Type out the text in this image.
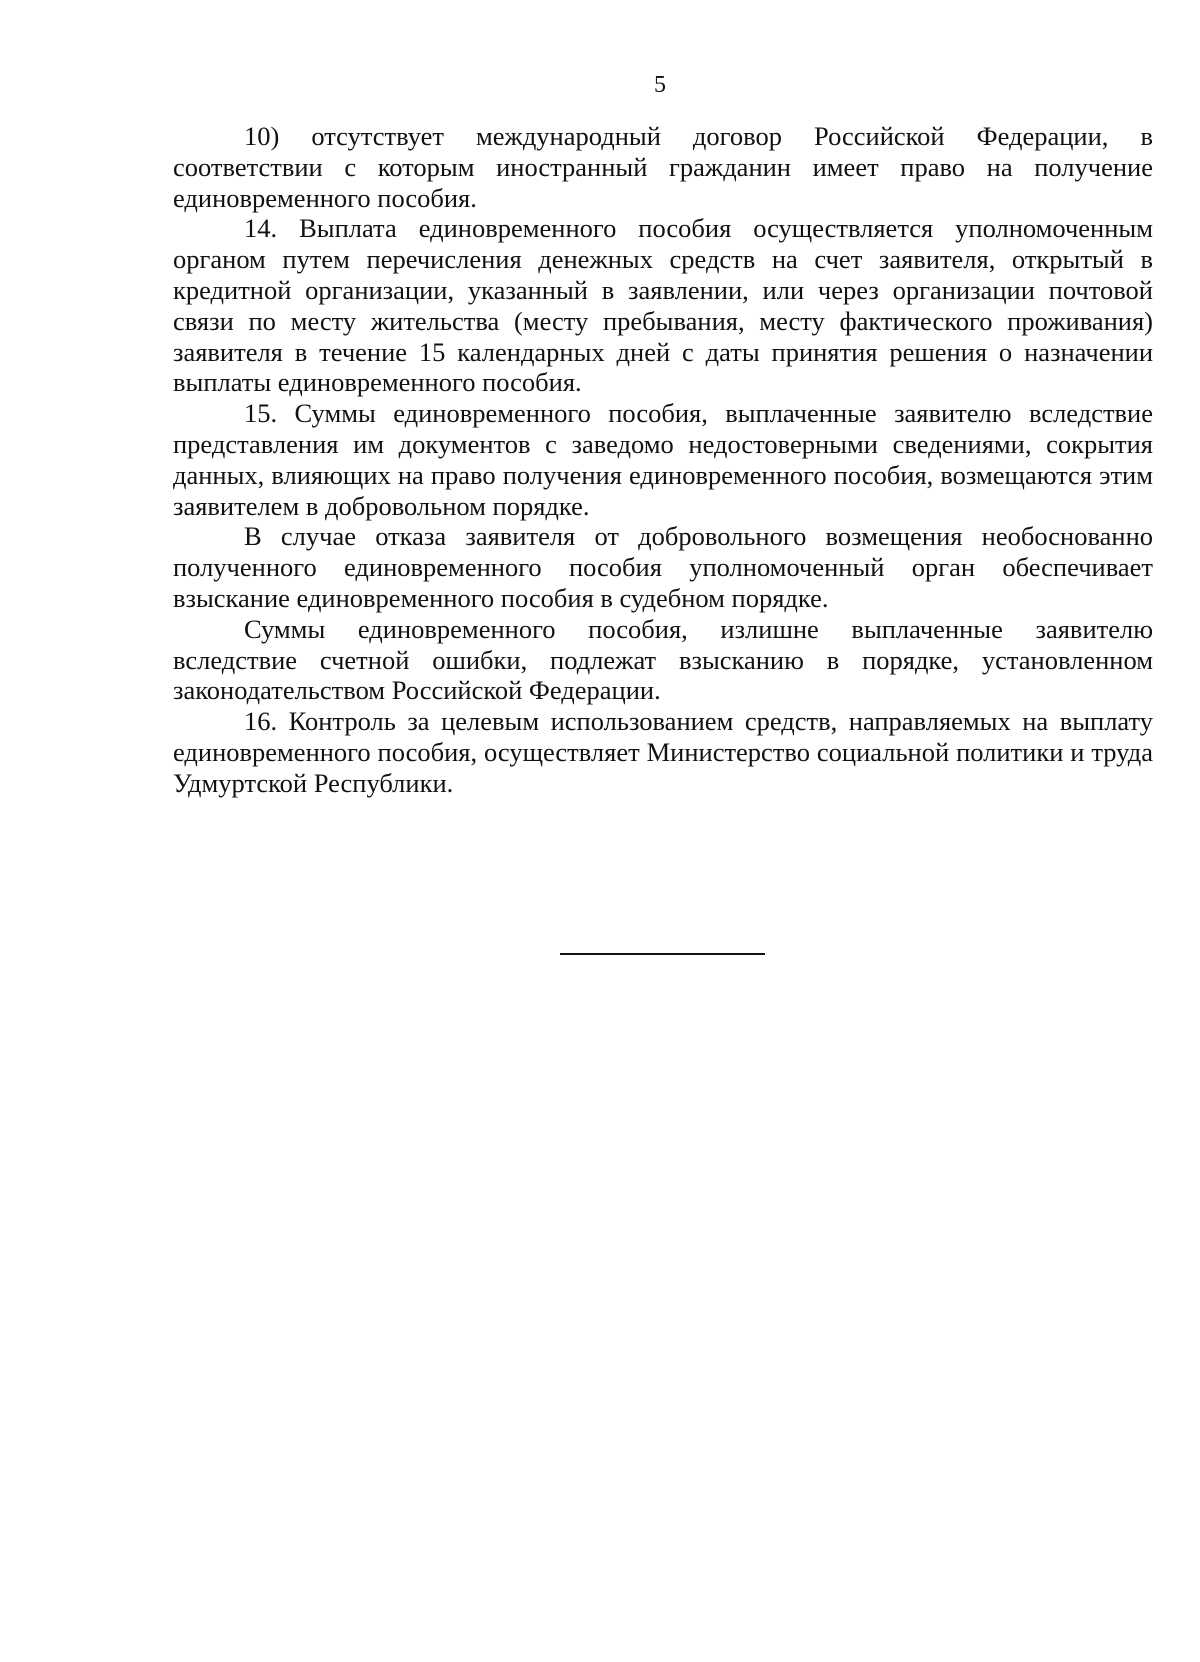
5

10) отсутствует международный договор Российской Федерации, в соответствии с которым иностранный гражданин имеет право на получение единовременного пособия.

14. Выплата единовременного пособия осуществляется уполномоченным органом путем перечисления денежных средств на счет заявителя, открытый в кредитной организации, указанный в заявлении, или через организации почтовой связи по месту жительства (месту пребывания, месту фактического проживания) заявителя в течение 15 календарных дней с даты принятия решения о назначении выплаты единовременного пособия.

15. Суммы единовременного пособия, выплаченные заявителю вследствие представления им документов с заведомо недостоверными сведениями, сокрытия данных, влияющих на право получения единовременного пособия, возмещаются этим заявителем в добровольном порядке.

В случае отказа заявителя от добровольного возмещения необоснованно полученного единовременного пособия уполномоченный орган обеспечивает взыскание единовременного пособия в судебном порядке.

Суммы единовременного пособия, излишне выплаченные заявителю вследствие счетной ошибки, подлежат взысканию в порядке, установленном законодательством Российской Федерации.

16. Контроль за целевым использованием средств, направляемых на выплату единовременного пособия, осуществляет Министерство социальной политики и труда Удмуртской Республики.
